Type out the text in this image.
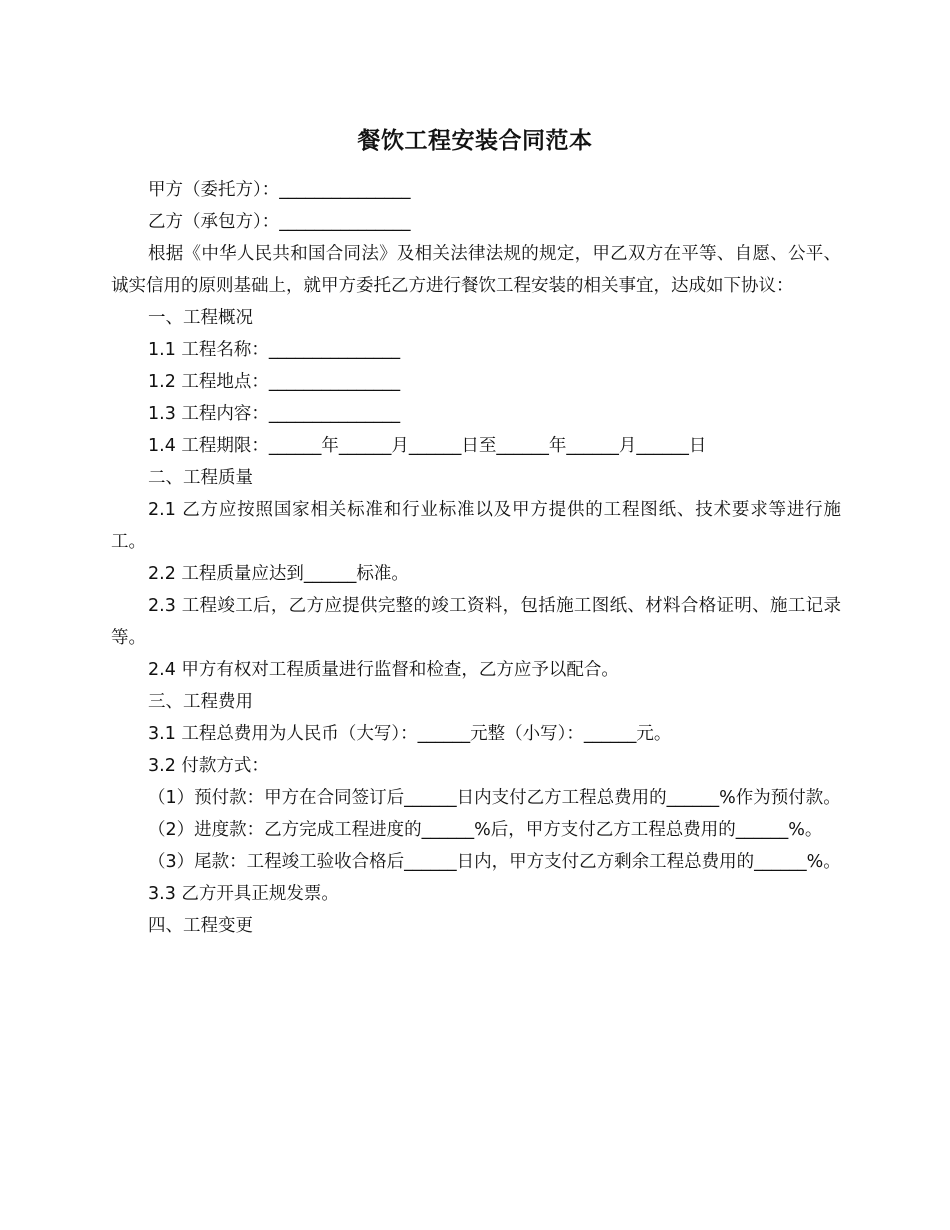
餐饮工程安装合同范本

甲方（委托方）：_______________

乙方（承包方）：_______________

根据《中华人民共和国合同法》及相关法律法规的规定，甲乙双方在平等、自愿、公平、诚实信用的原则基础上，就甲方委托乙方进行餐饮工程安装的相关事宜，达成如下协议：

一、工程概况

1.1 工程名称：_______________

1.2 工程地点：_______________

1.3 工程内容：_______________

1.4 工程期限：______年______月______日至______年______月______日

二、工程质量

2.1 乙方应按照国家相关标准和行业标准以及甲方提供的工程图纸、技术要求等进行施工。

2.2 工程质量应达到______标准。

2.3 工程竣工后，乙方应提供完整的竣工资料，包括施工图纸、材料合格证明、施工记录等。

2.4 甲方有权对工程质量进行监督和检查，乙方应予以配合。

三、工程费用

3.1 工程总费用为人民币（大写）：______元整（小写）：______元。

3.2 付款方式：

（1）预付款：甲方在合同签订后______日内支付乙方工程总费用的______%作为预付款。

（2）进度款：乙方完成工程进度的______%后，甲方支付乙方工程总费用的______%。

（3）尾款：工程竣工验收合格后______日内，甲方支付乙方剩余工程总费用的______%。

3.3 乙方开具正规发票。

四、工程变更
